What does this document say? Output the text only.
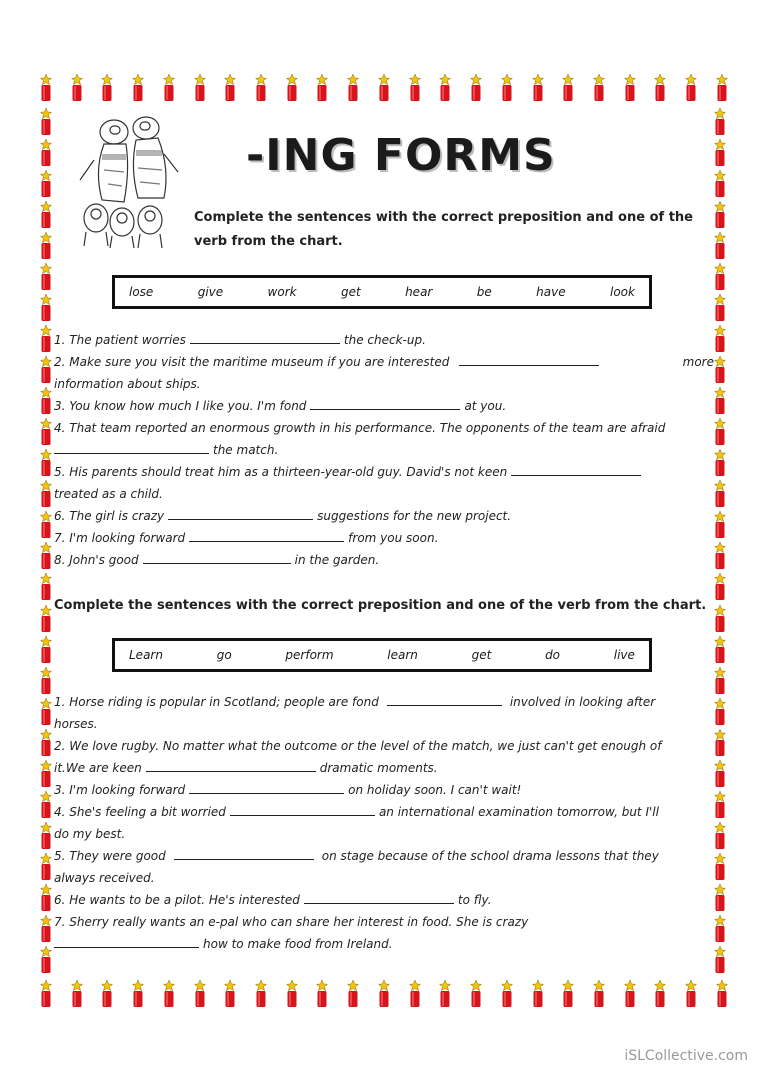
-ING FORMS
Complete the sentences with the correct preposition and one of the verb from the chart.
lose	give	work	get	hear	be	have	look
1. The patient worries	the check-up.
2. Make sure you visit the maritime museum if you are interested	more
information about ships.
3. You know how much I like you. I'm fond	at you.
4. That team reported an enormous growth in his performance. The opponents of the team are afraid
the match.
5. His parents should treat him as a thirteen-year-old guy. David's not keen
treated as a child.
6. The girl is crazy	suggestions for the new project.
7. I'm looking forward	from you soon.
8. John's good	in the garden.
Complete the sentences with the correct preposition and one of the verb from the chart.
Learn	go	perform	learn	get	do	live
1. Horse riding is popular in Scotland; people are fond	involved in looking after
horses.
2. We love rugby. No matter what the outcome or the level of the match, we just can't get enough of
it.We are keen	dramatic moments.
3. I'm looking forward	on holiday soon. I can't wait!
4. She's feeling a bit worried	an international examination tomorrow, but I'll
do my best.
5. They were good	on stage because of the school drama lessons that they
always received.
6. He wants to be a pilot. He's interested	to fly.
7. Sherry really wants an e-pal who can share her interest in food. She is crazy
how to make food from Ireland.
iSLCollective.com
